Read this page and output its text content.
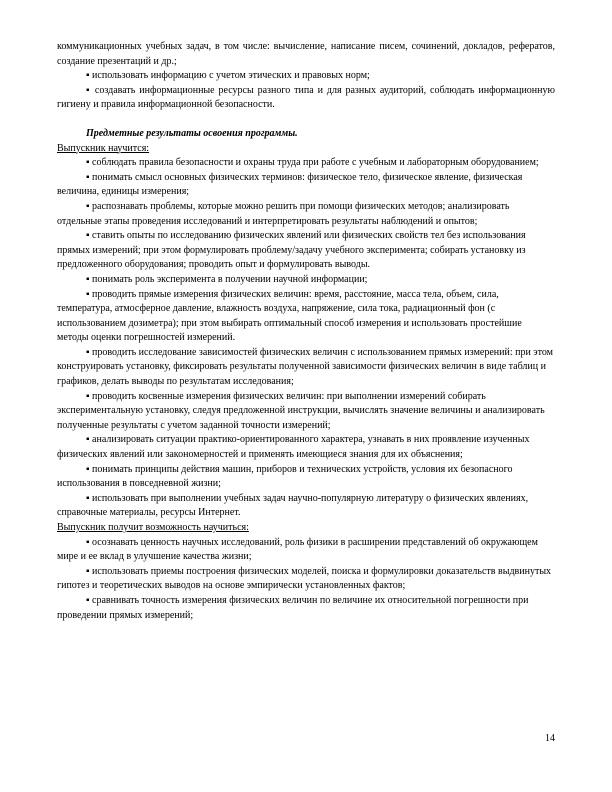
коммуникационных учебных задач, в том числе: вычисление, написание писем, сочинений, докладов, рефератов, создание презентаций и др.;

▪ использовать информацию с учетом этических и правовых норм;

▪ создавать информационные ресурсы разного типа и для разных аудиторий, соблюдать информационную гигиену и правила информационной безопасности.

Предметные результаты освоения программы.

Выпускник научится:

▪ соблюдать правила безопасности и охраны труда при работе с учебным и лабораторным оборудованием;

▪ понимать смысл основных физических терминов: физическое тело, физическое явление, физическая величина, единицы измерения;

▪ распознавать проблемы, которые можно решить при помощи физических методов; анализировать отдельные этапы проведения исследований и интерпретировать результаты наблюдений и опытов;

▪ ставить опыты по исследованию физических явлений или физических свойств тел без использования прямых измерений; при этом формулировать проблему/задачу учебного эксперимента; собирать установку из предложенного оборудования; проводить опыт и формулировать выводы.

▪ понимать роль эксперимента в получении научной информации;

▪ проводить прямые измерения физических величин: время, расстояние, масса тела, объем, сила, температура, атмосферное давление, влажность воздуха, напряжение, сила тока, радиационный фон (с использованием дозиметра); при этом выбирать оптимальный способ измерения и использовать простейшие методы оценки погрешностей измерений.

▪ проводить исследование зависимостей физических величин с использованием прямых измерений: при этом конструировать установку, фиксировать результаты полученной зависимости физических величин в виде таблиц и графиков, делать выводы по результатам исследования;

▪ проводить косвенные измерения физических величин: при выполнении измерений собирать экспериментальную установку, следуя предложенной инструкции, вычислять значение величины и анализировать полученные результаты с учетом заданной точности измерений;

▪ анализировать ситуации практико-ориентированного характера, узнавать в них проявление изученных физических явлений или закономерностей и применять имеющиеся знания для их объяснения;

▪ понимать принципы действия машин, приборов и технических устройств, условия их безопасного использования в повседневной жизни;

▪ использовать при выполнении учебных задач научно-популярную литературу о физических явлениях, справочные материалы, ресурсы Интернет.

Выпускник получит возможность научиться:

▪ осознавать ценность научных исследований, роль физики в расширении представлений об окружающем мире и ее вклад в улучшение качества жизни;

▪ использовать приемы построения физических моделей, поиска и формулировки доказательств выдвинутых гипотез и теоретических выводов на основе эмпирически установленных фактов;

▪ сравнивать точность измерения физических величин по величине их относительной погрешности при проведении прямых измерений;

14
